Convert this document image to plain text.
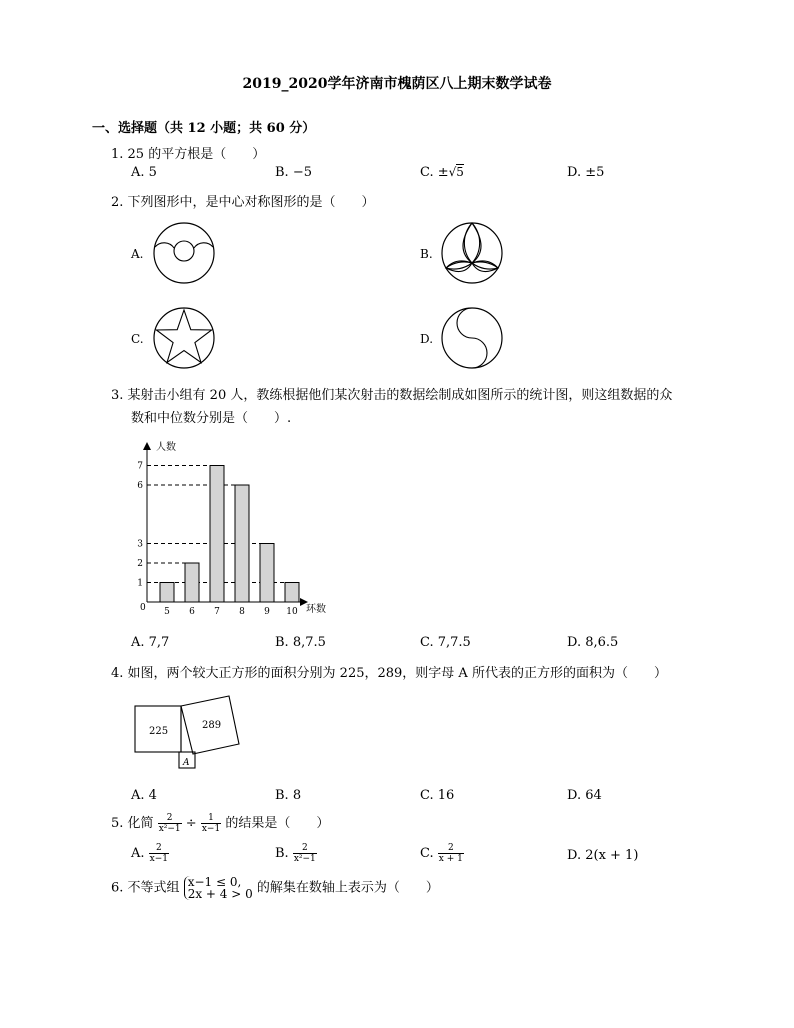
2019_2020学年济南市槐荫区八上期末数学试卷
一、选择题（共 12 小题；共 60 分）
1. 25 的平方根是（　　）
A. 5	B. −5	C. ±√5	D. ±5
2. 下列图形中，是中心对称图形的是（　　）
A.	B.
C.	D.
3. 某射击小组有 20 人，教练根据他们某次射击的数据绘制成如图所示的统计图，则这组数据的众
数和中位数分别是（　　）.
人数
环数
0 5 6 7 8 9 10
1
2
3
6
7
A. 7,7	B. 8,7.5	C. 7,7.5	D. 8,6.5
4. 如图，两个较大正方形的面积分别为 225，289，则字母 A 所代表的正方形的面积为（　　）
225
289
A
A. 4	B. 8	C. 16	D. 64
5. 化简 $\frac{2}{\text{x²−1}} \div \frac{1}{x-1}$ 的结果是（　　）
A. $\frac{2}{x-1}$	B. $\frac{2}{\text{x²−1}}$	C. $\frac{2}{x + 1}$	D. 2(x + 1)
6. 不等式组 x−1 ≤ 0,
2x + 4 > 0 的解集在数轴上表示为（　　）
